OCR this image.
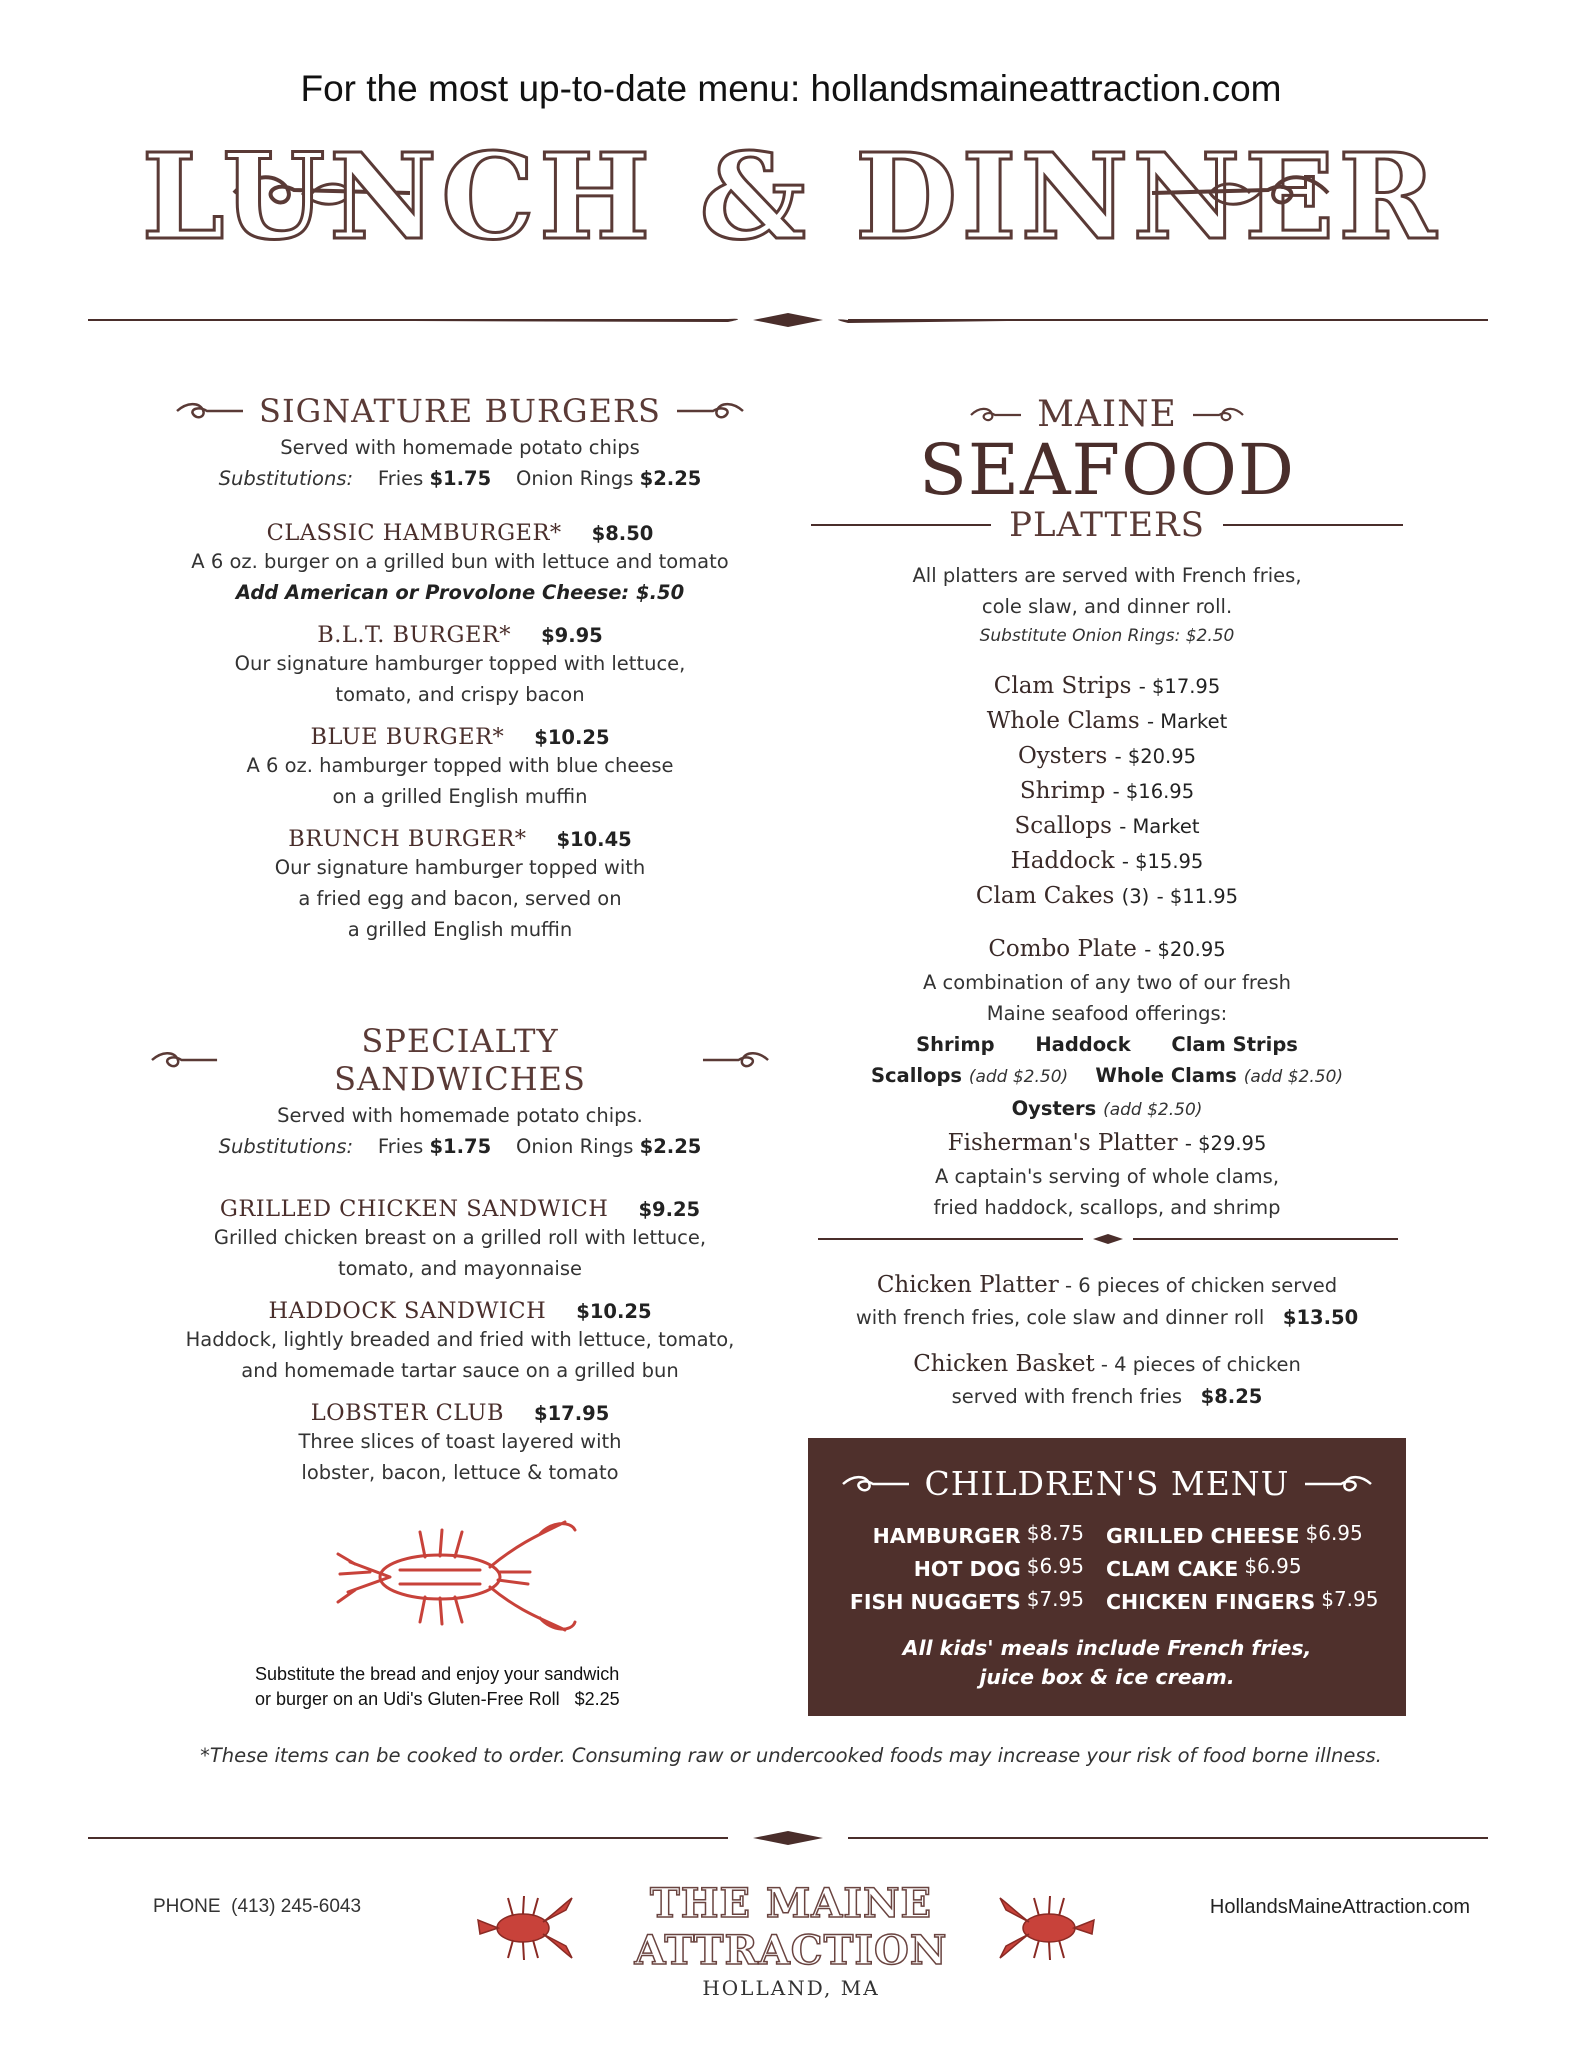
For the most up-to-date menu: hollandsmaineattraction.com
LUNCH & DINNER
SIGNATURE BURGERS
Served with homemade potato chips
Substitutions: Fries $1.75 Onion Rings $2.25
CLASSIC HAMBURGER* $8.50
A 6 oz. burger on a grilled bun with lettuce and tomato
Add American or Provolone Cheese: $.50
B.L.T. BURGER* $9.95
Our signature hamburger topped with lettuce,
tomato, and crispy bacon
BLUE BURGER* $10.25
A 6 oz. hamburger topped with blue cheese
on a grilled English muffin
BRUNCH BURGER* $10.45
Our signature hamburger topped with
a fried egg and bacon, served on
a grilled English muffin
SPECIALTY SANDWICHES
Served with homemade potato chips.
Substitutions: Fries $1.75 Onion Rings $2.25
GRILLED CHICKEN SANDWICH $9.25
Grilled chicken breast on a grilled roll with lettuce,
tomato, and mayonnaise
HADDOCK SANDWICH $10.25
Haddock, lightly breaded and fried with lettuce, tomato,
and homemade tartar sauce on a grilled bun
LOBSTER CLUB $17.95
Three slices of toast layered with
lobster, bacon, lettuce & tomato
Substitute the bread and enjoy your sandwich
or burger on an Udi's Gluten-Free Roll $2.25
MAINE
SEAFOOD
PLATTERS
All platters are served with French fries,
cole slaw, and dinner roll.
Substitute Onion Rings: $2.50
Clam Strips - $17.95
Whole Clams - Market
Oysters - $20.95
Shrimp - $16.95
Scallops - Market
Haddock - $15.95
Clam Cakes (3) - $11.95
Combo Plate - $20.95
A combination of any two of our fresh
Maine seafood offerings:
Shrimp Haddock Clam Strips
Scallops (add $2.50) Whole Clams (add $2.50)
Oysters (add $2.50)
Fisherman's Platter - $29.95
A captain's serving of whole clams,
fried haddock, scallops, and shrimp
Chicken Platter - 6 pieces of chicken served
with french fries, cole slaw and dinner roll $13.50
Chicken Basket - 4 pieces of chicken
served with french fries $8.25
CHILDREN'S MENU
HAMBURGER $8.75 GRILLED CHEESE $6.95
HOT DOG $6.95 CLAM CAKE $6.95
FISH NUGGETS $7.95 CHICKEN FINGERS $7.95
All kids' meals include French fries,
juice box & ice cream.
*These items can be cooked to order. Consuming raw or undercooked foods may increase your risk of food borne illness.
PHONE (413) 245-6043	THE MAINE ATTRACTION
HOLLAND, MA
HollandsMaineAttraction.com
